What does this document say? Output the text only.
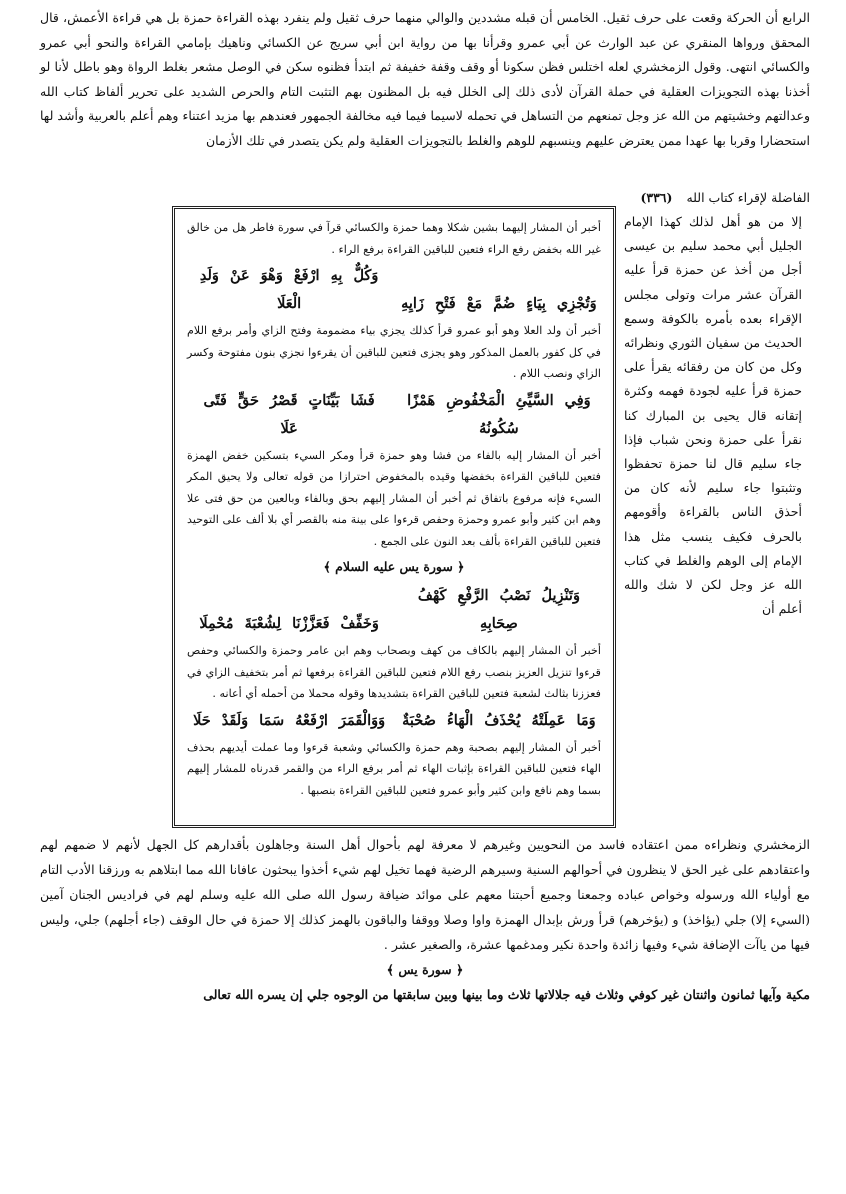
الرابع أن الحركة وقعت على حرف ثقيل. الخامس أن قبله مشددين والوالي منهما حرف ثقيل ولم ينفرد بهذه القراءة حمزة بل هي قراءة الأعمش، قال المحقق ورواها المنقري عن عبد الوارث عن أبي عمرو وقرأنا بها من رواية ابن أبي سريج عن الكسائي وناهيك بإمامي القراءة والنحو أبي عمرو والكسائي انتهى. وقول الزمخشري لعله اختلس فظن سكونا أو وقف وقفة خفيفة ثم ابتدأ فظنوه سكن في الوصل مشعر بغلط الرواة وهو باطل لأنا لو أخذنا بهذه التجويزات العقلية في حملة القرآن لأدى ذلك إلى الخلل فيه بل المظنون بهم التثبت التام والحرص الشديد على تحرير ألفاظ كتاب الله وعدالتهم وخشيتهم من الله عز وجل تمنعهم من التساهل في تحمله لاسيما فيما فيه مخالفة الجمهور فعندهم بها مزيد اعتناء وهم أعلم بالعربية وأشد لها استحضارا وقربا بها عهدا ممن يعترض عليهم وينسبهم للوهم والغلط بالتجويزات العقلية ولم يكن يتصدر في تلك الأزمان

الفاضلة لإقراء كتاب الله (٣٣٦)

إلا من هو أهل لذلك كهذا الإمام الجليل أبي محمد سليم بن عيسى أجل من أخذ عن حمزة قرأ عليه القرآن عشر مرات وتولى مجلس الإقراء بعده بأمره بالكوفة وسمع الحديث من سفيان الثوري ونظرائه وكل من كان من رفقائه يقرأ على حمزة قرأ عليه لجودة فهمه وكثرة إتقانه قال يحيى بن المبارك كنا نقرأ على حمزة ونحن شباب فإذا جاء سليم قال لنا حمزة تحفظوا وتثبتوا جاء سليم لأنه كان من أحذق الناس بالقراءة وأقومهم بالحرف فكيف ينسب مثل هذا الإمام إلى الوهم والغلط في كتاب الله عز وجل لكن لا شك والله أعلم أن

أخبر أن المشار إليهما بشين شكلا وهما حمزة والكسائي قرآ في سورة فاطر هل من خالق غير الله بخفض رفع الراء فتعين للباقين القراءة برفع الراء .

وَتُجْزِي بِيَاءٍ ضُمَّ مَعْ فَتْحِ زَايِهِ وَكُلٌّ بِهِ ارْفَعْ وَهْوَ عَنْ وَلَدِ الْعَلَا

أخبر أن ولد العلا وهو أبو عمرو قرأ كذلك يجزي بياء مضمومة وفتح الزاي وأمر برفع اللام في كل كفور بالعمل المذكور وهو يجزى فتعين للباقين أن يقرءوا نجزي بنون مفتوحة وكسر الزاي ونصب اللام .

وَفِي السَّيِّئِ الْمَخْفُوضِ هَمْزًا سُكُونُهُ فَشَا بَيِّنَاتٍ قَصْرُ حَقٍّ فَتًى عَلَا

أخبر أن المشار إليه بالفاء من فشا وهو حمزة قرأ ومكر السيء بتسكين خفض الهمزة فتعين للباقين القراءة بخفضها وقيده بالمخفوض احترازا من قوله تعالى ولا يحيق المكر السيء فإنه مرفوع باتفاق ثم أخبر أن المشار إليهم بحق وبالفاء وبالعين من حق فتى علا وهم ابن كثير وأبو عمرو وحمزة وحفص قرءوا على بينة منه بالقصر أي بلا ألف على التوحيد فتعين للباقين القراءة بألف بعد النون على الجمع .

﴿ سورة يس عليه السلام ﴾

وَتَنْزِيلُ نَصْبُ الرَّفْعِ كَهْفُ صِحَابِهِ وَخَفِّفْ فَعَزَّزْنَا لِشُعْبَةَ مُحْمِلَا

أخبر أن المشار إليهم بالكاف من كهف وبصحاب وهم ابن عامر وحمزة والكسائي وحفص قرءوا تنزيل العزيز بنصب رفع اللام فتعين للباقين القراءة برفعها ثم أمر بتخفيف الزاي في فعززنا بثالث لشعبة فتعين للباقين القراءة بتشديدها وقوله محملا من أحمله أي أعانه .

وَمَا عَمِلَتْهُ يُحْذَفُ الْهَاءُ صُحْبَةٌ وَوَالْقَمَرَ ارْفَعْهُ سَمَا وَلَقَدْ حَلَا

أخبر أن المشار إليهم بصحبة وهم حمزة والكسائي وشعبة قرءوا وما عملت أيديهم بحذف الهاء فتعين للباقين القراءة بإثبات الهاء ثم أمر برفع الراء من والقمر قدرناه للمشار إليهم بسما وهم نافع وابن كثير وأبو عمرو فتعين للباقين القراءة بنصبها .

الزمخشري ونظراءه ممن اعتقاده فاسد من النحويين وغيرهم لا معرفة لهم بأحوال أهل السنة وجاهلون بأقدارهم كل الجهل لأنهم لا ضمهم لهم واعتقادهم على غير الحق لا ينظرون في أحوالهم السنية وسيرهم الرضية فهما تخيل لهم شيء أخذوا يبحثون عافانا الله مما ابتلاهم به ورزقنا الأدب التام مع أولياء الله ورسوله وخواص عباده وجمعنا وجميع أحبتنا معهم على موائد ضيافة رسول الله صلى الله عليه وسلم لهم في فراديس الجنان آمين (السيء إلا) جلي (يؤاخذ) و (يؤخرهم) قرأ ورش بإبدال الهمزة واوا وصلا ووقفا والباقون بالهمز كذلك إلا حمزة في حال الوقف (جاء أجلهم) جلي، وليس فيها من ياآت الإضافة شيء وفيها زائدة واحدة نكير ومدغمها عشرة، والصغير عشر .

﴿ سورة يس ﴾

مكية وآيها ثمانون واثنتان غير كوفي وثلاث فيه جلالاتها ثلاث وما بينها وبين سابقتها من الوجوه جلي إن يسره الله تعالى
